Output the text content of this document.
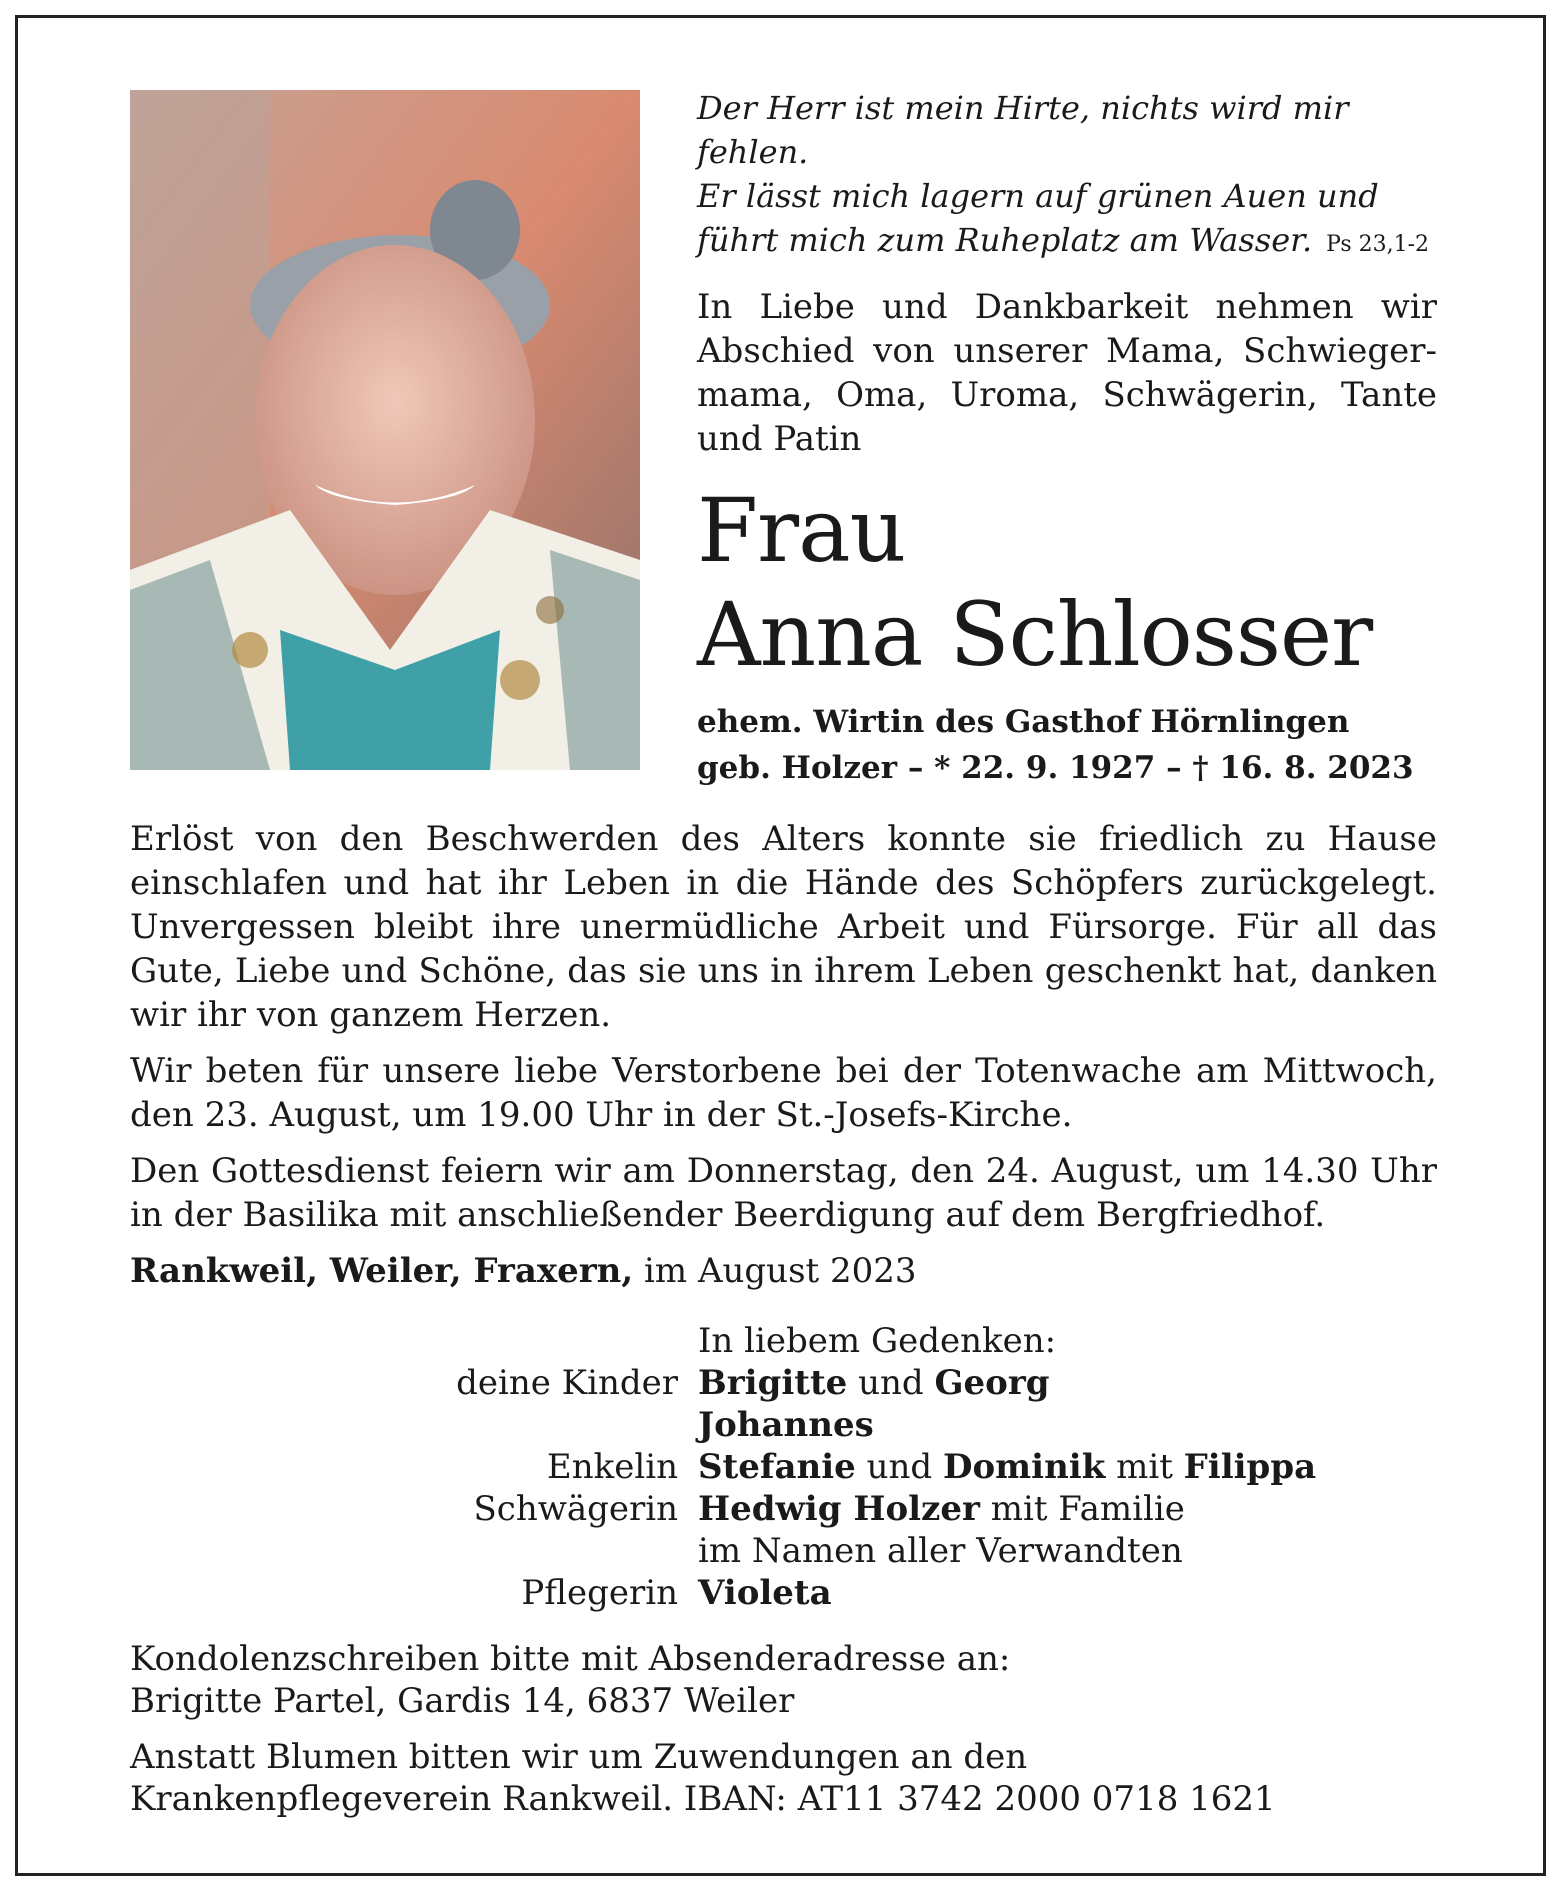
Der Herr ist mein Hirte, nichts wird mir fehlen.
Er lässt mich lagern auf grünen Auen und
führt mich zum Ruheplatz am Wasser. Ps 23,1-2

In Liebe und Dankbarkeit nehmen wir Abschied von unserer Mama, Schwieger-mama, Oma, Uroma, Schwägerin, Tante und Patin

Frau
Anna Schlosser
ehem. Wirtin des Gasthof Hörnlingen
geb. Holzer – * 22. 9. 1927 – † 16. 8. 2023

Erlöst von den Beschwerden des Alters konnte sie friedlich zu Hause einschlafen und hat ihr Leben in die Hände des Schöpfers zurückgelegt. Unvergessen bleibt ihre unermüdliche Arbeit und Fürsorge. Für all das Gute, Liebe und Schöne, das sie uns in ihrem Leben geschenkt hat, danken wir ihr von ganzem Herzen.

Wir beten für unsere liebe Verstorbene bei der Totenwache am Mittwoch, den 23. August, um 19.00 Uhr in der St.-Josefs-Kirche.

Den Gottesdienst feiern wir am Donnerstag, den 24. August, um 14.30 Uhr in der Basilika mit anschließender Beerdigung auf dem Bergfriedhof.

Rankweil, Weiler, Fraxern, im August 2023

In liebem Gedenken:
deine Kinder Brigitte und Georg
Johannes
Enkelin Stefanie und Dominik mit Filippa
Schwägerin Hedwig Holzer mit Familie
im Namen aller Verwandten
Pflegerin Violeta

Kondolenzschreiben bitte mit Absenderadresse an:
Brigitte Partel, Gardis 14, 6837 Weiler

Anstatt Blumen bitten wir um Zuwendungen an den
Krankenpflegeverein Rankweil. IBAN: AT11 3742 2000 0718 1621
